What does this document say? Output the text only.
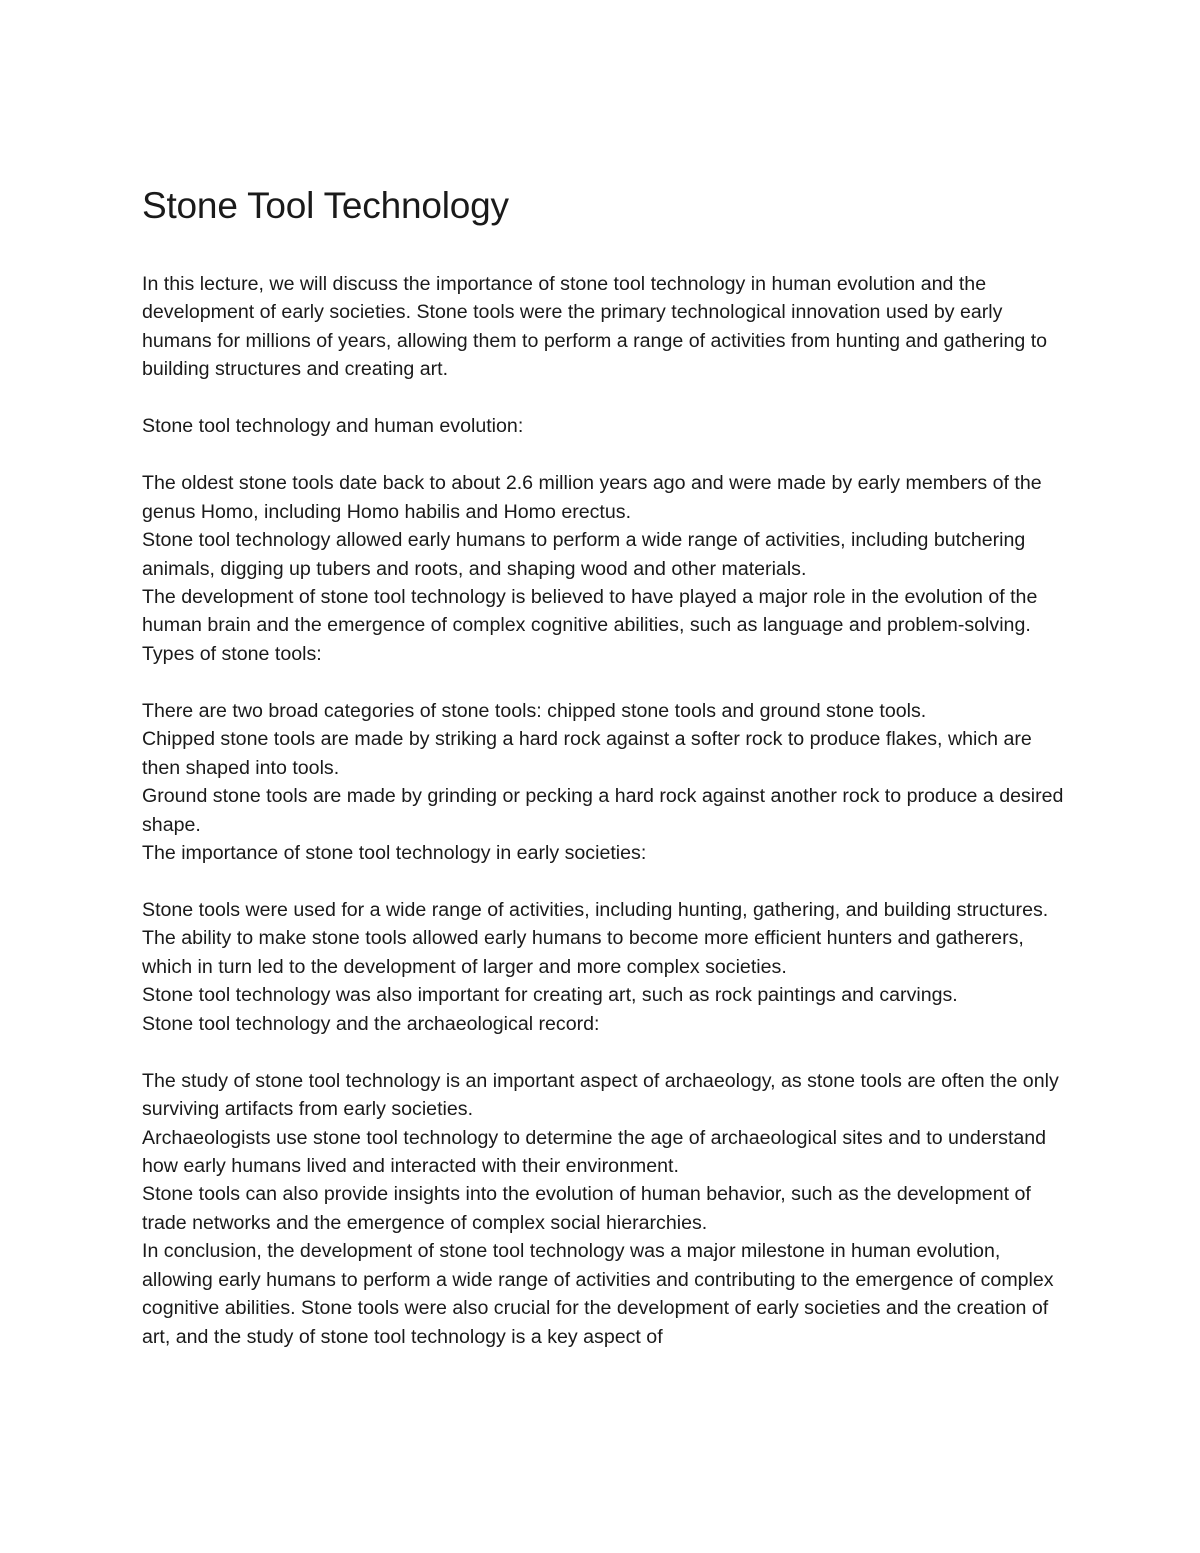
Stone Tool Technology

In this lecture, we will discuss the importance of stone tool technology in human evolution and the development of early societies. Stone tools were the primary technological innovation used by early humans for millions of years, allowing them to perform a range of activities from hunting and gathering to building structures and creating art.

Stone tool technology and human evolution:

The oldest stone tools date back to about 2.6 million years ago and were made by early members of the genus Homo, including Homo habilis and Homo erectus.

Stone tool technology allowed early humans to perform a wide range of activities, including butchering animals, digging up tubers and roots, and shaping wood and other materials.

The development of stone tool technology is believed to have played a major role in the evolution of the human brain and the emergence of complex cognitive abilities, such as language and problem-solving.

Types of stone tools:

There are two broad categories of stone tools: chipped stone tools and ground stone tools.

Chipped stone tools are made by striking a hard rock against a softer rock to produce flakes, which are then shaped into tools.

Ground stone tools are made by grinding or pecking a hard rock against another rock to produce a desired shape.

The importance of stone tool technology in early societies:

Stone tools were used for a wide range of activities, including hunting, gathering, and building structures.

The ability to make stone tools allowed early humans to become more efficient hunters and gatherers, which in turn led to the development of larger and more complex societies.

Stone tool technology was also important for creating art, such as rock paintings and carvings.

Stone tool technology and the archaeological record:

The study of stone tool technology is an important aspect of archaeology, as stone tools are often the only surviving artifacts from early societies.

Archaeologists use stone tool technology to determine the age of archaeological sites and to understand how early humans lived and interacted with their environment.

Stone tools can also provide insights into the evolution of human behavior, such as the development of trade networks and the emergence of complex social hierarchies.

In conclusion, the development of stone tool technology was a major milestone in human evolution, allowing early humans to perform a wide range of activities and contributing to the emergence of complex cognitive abilities. Stone tools were also crucial for the development of early societies and the creation of art, and the study of stone tool technology is a key aspect of
